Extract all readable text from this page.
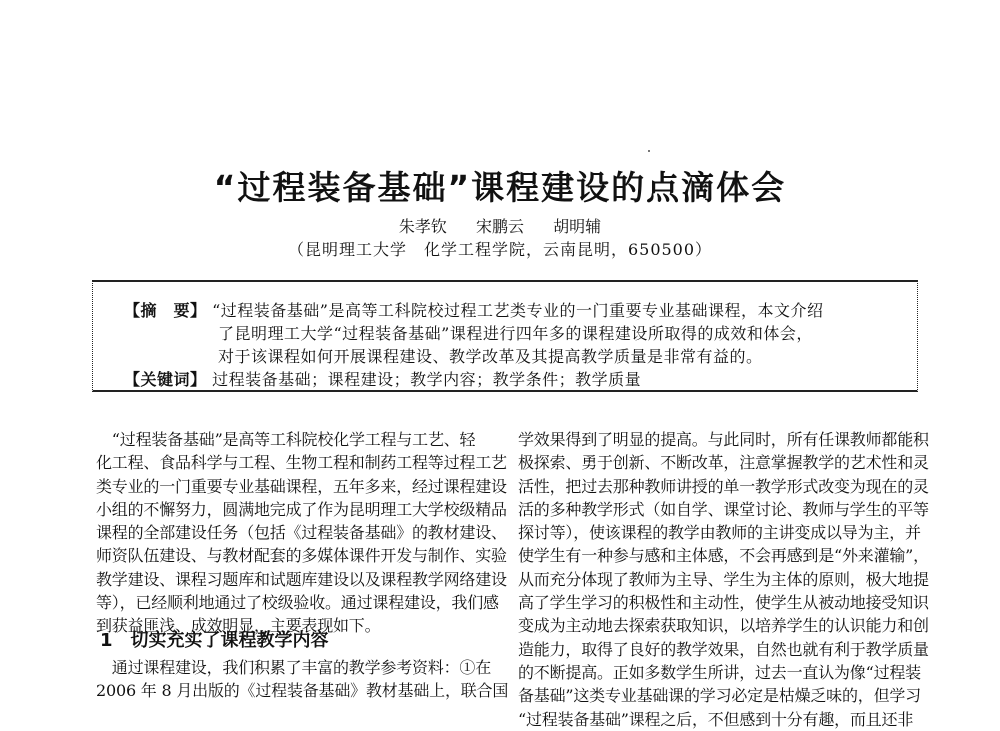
“过程装备基础”课程建设的点滴体会
朱孝钦 宋鹏云 胡明辅
（昆明理工大学　化学工程学院，云南昆明，650500）
【摘　要】 “过程装备基础”是高等工科院校过程工艺类专业的一门重要专业基础课程，本文介绍
了昆明理工大学“过程装备基础”课程进行四年多的课程建设所取得的成效和体会，
对于该课程如何开展课程建设、教学改革及其提高教学质量是非常有益的。
【关键词】 过程装备基础；课程建设；教学内容；教学条件；教学质量

　“过程装备基础”是高等工科院校化学工程与工艺、轻

化工程、食品科学与工程、生物工程和制药工程等过程工艺

类专业的一门重要专业基础课程，五年多来，经过课程建设

小组的不懈努力，圆满地完成了作为昆明理工大学校级精品

课程的全部建设任务（包括《过程装备基础》的教材建设、

师资队伍建设、与教材配套的多媒体课件开发与制作、实验

教学建设、课程习题库和试题库建设以及课程教学网络建设

等），已经顺利地通过了校级验收。通过课程建设，我们感

到获益匪浅、成效明显，主要表现如下。

1　切实充实了课程教学内容

　通过课程建设，我们积累了丰富的教学参考资料：①在

2006 年 8 月出版的《过程装备基础》教材基础上，联合国

学效果得到了明显的提高。与此同时，所有任课教师都能积

极探索、勇于创新、不断改革，注意掌握教学的艺术性和灵

活性，把过去那种教师讲授的单一教学形式改变为现在的灵

活的多种教学形式（如自学、课堂讨论、教师与学生的平等

探讨等），使该课程的教学由教师的主讲变成以导为主，并

使学生有一种参与感和主体感，不会再感到是“外来灌输”，

从而充分体现了教师为主导、学生为主体的原则，极大地提

高了学生学习的积极性和主动性，使学生从被动地接受知识

变成为主动地去探索获取知识，以培养学生的认识能力和创

造能力，取得了良好的教学效果，自然也就有利于教学质量

的不断提高。正如多数学生所讲，过去一直认为像“过程装

备基础”这类专业基础课的学习必定是枯燥乏味的，但学习

“过程装备基础”课程之后，不但感到十分有趣，而且还非
